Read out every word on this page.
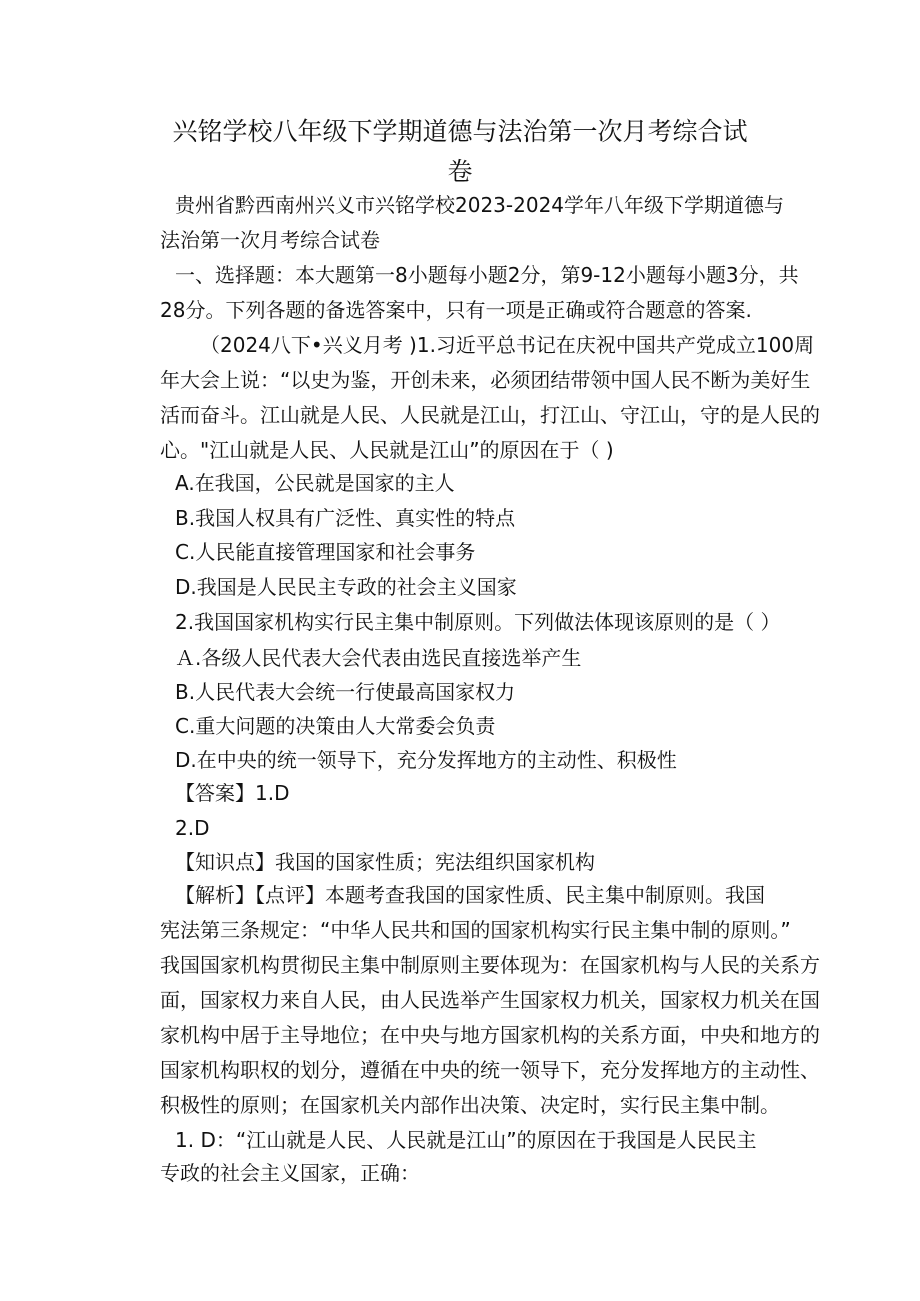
兴铭学校八年级下学期道德与法治第一次月考综合试
卷
贵州省黔西南州兴义市兴铭学校2023-2024学年八年级下学期道德与
法治第一次月考综合试卷
一、选择题：本大题第一8小题每小题2分，第9-12小题每小题3分，共
28分。下列各题的备选答案中，只有一项是正确或符合题意的答案.
（2024八下•兴义月考 )1.习近平总书记在庆祝中国共产党成立100周
年大会上说：“以史为鉴，开创未来，必须团结带领中国人民不断为美好生
活而奋斗。江山就是人民、人民就是江山，打江山、守江山，守的是人民的
心。"江山就是人民、人民就是江山”的原因在于（ )
A.在我国，公民就是国家的主人
B.我国人权具有广泛性、真实性的特点
C.人民能直接管理国家和社会事务
D.我国是人民民主专政的社会主义国家
2.我国国家机构实行民主集中制原则。下列做法体现该原则的是（ ）
Ａ.各级人民代表大会代表由选民直接选举产生
B.人民代表大会统一行使最高国家权力
C.重大问题的决策由人大常委会负责
D.在中央的统一领导下，充分发挥地方的主动性、积极性
【答案】1.D
2.D
【知识点】我国的国家性质；宪法组织国家机构
【解析】【点评】本题考查我国的国家性质、民主集中制原则。我国
宪法第三条规定：“中华人民共和国的国家机构实行民主集中制的原则。”
我国国家机构贯彻民主集中制原则主要体现为：在国家机构与人民的关系方
面，国家权力来自人民，由人民选举产生国家权力机关，国家权力机关在国
家机构中居于主导地位；在中央与地方国家机构的关系方面，中央和地方的
国家机构职权的划分，遵循在中央的统一领导下，充分发挥地方的主动性、
积极性的原则；在国家机关内部作出决策、决定时，实行民主集中制。
1. D：“江山就是人民、人民就是江山”的原因在于我国是人民民主
专政的社会主义国家，正确：
